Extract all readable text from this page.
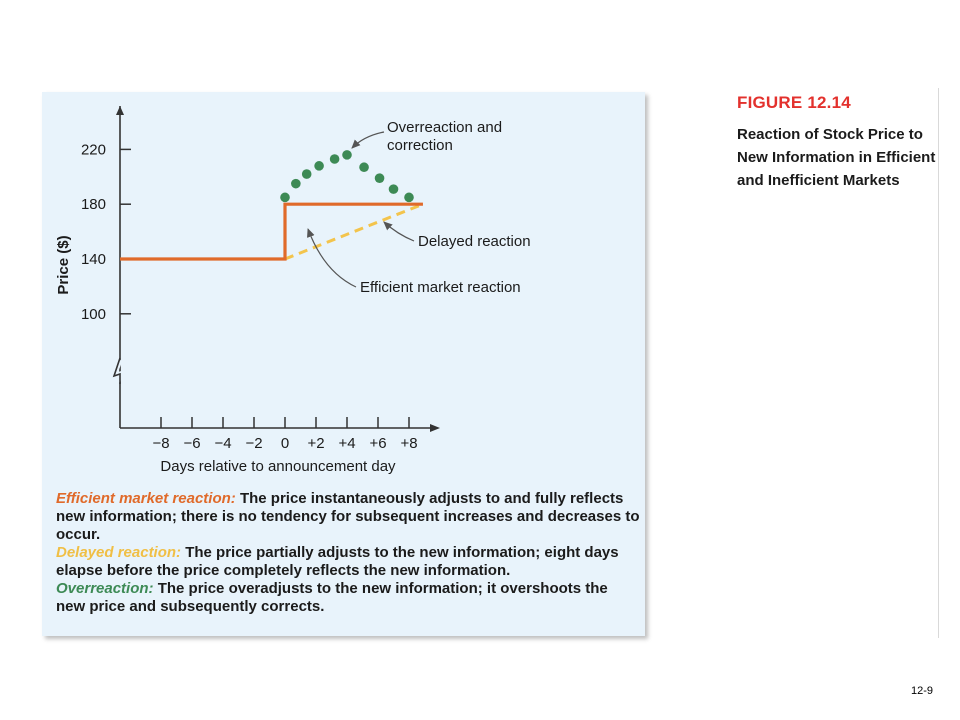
100
140
180
220
−8 −6 −4 −2 0 +2 +4 +6 +8
Days relative to announcement day
Price ($)
Overreaction and correction
Delayed reaction
Efficient market reaction
Efficient market reaction: The price instantaneously adjusts to and fully reflects new information; there is no tendency for subsequent increases and decreases to occur.
Delayed reaction: The price partially adjusts to the new information; eight days elapse before the price completely reflects the new information.
Overreaction: The price overadjusts to the new information; it overshoots the new price and subsequently corrects.

FIGURE 12.14

Reaction of Stock Price to New Information in Efficient and Inefficient Markets

12-9
